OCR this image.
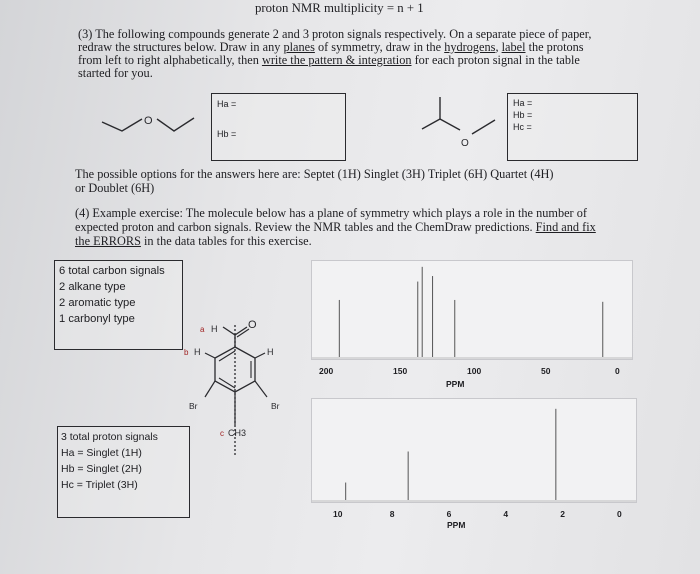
proton NMR multiplicity = n + 1
(3) The following compounds generate 2 and 3 proton signals respectively. On a separate piece of paper,
redraw the structures below. Draw in any planes of symmetry, draw in the hydrogens, label the protons
from left to right alphabetically, then write the pattern & integration for each proton signal in the table
started for you.
O
Ha =
Hb =
O
Ha =
Hb =
Hc =
The possible options for the answers here are: Septet (1H) Singlet (3H) Triplet (6H) Quartet (4H)
or Doublet (6H)
(4) Example exercise: The molecule below has a plane of symmetry which plays a role in the number of
expected proton and carbon signals. Review the NMR tables and the ChemDraw predictions. Find and fix
the ERRORS in the data tables for this exercise.
6 total carbon signals
2 alkane type
2 aromatic type
1 carbonyl type
3 total proton signals
Ha = Singlet (1H)
Hb = Singlet (2H)
Hc = Triplet (3H)
O
H
a
H
b	H
Br	Br
c CH3
200	150	100	50	0
PPM
10	8	6	4	2	0
PPM
